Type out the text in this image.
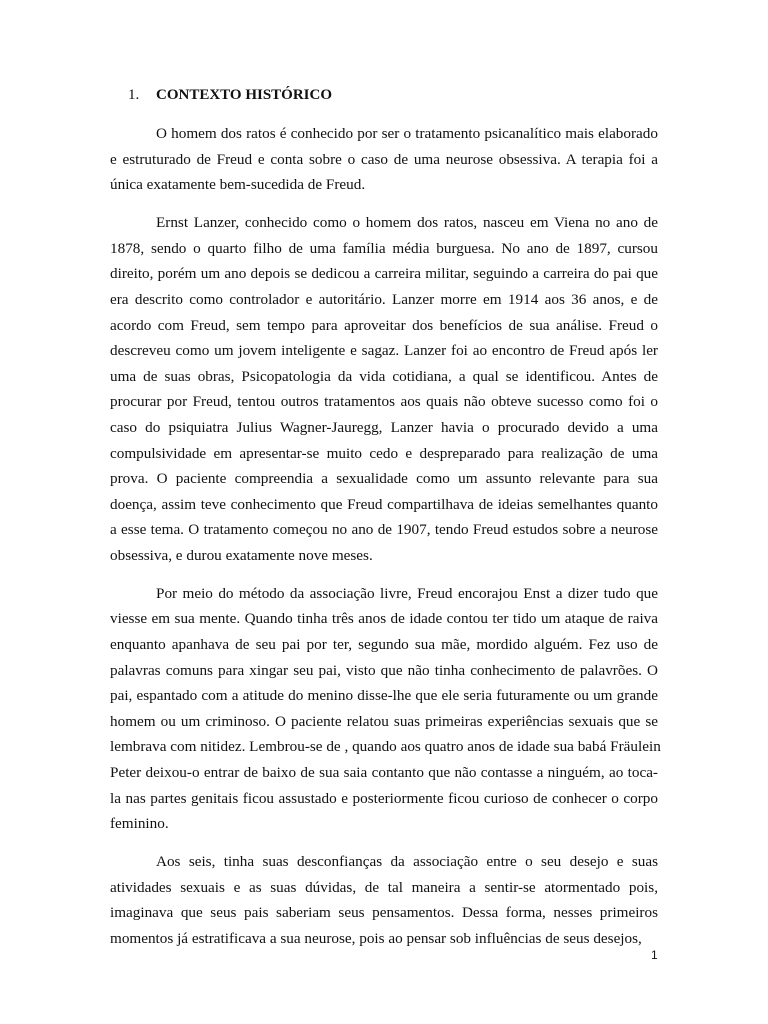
1. CONTEXTO HISTÓRICO
O homem dos ratos é conhecido por ser o tratamento psicanalítico mais elaborado
e estruturado de Freud e conta sobre o caso de uma neurose obsessiva. A terapia foi a
única exatamente bem-sucedida de Freud.
Ernst Lanzer, conhecido como o homem dos ratos, nasceu em Viena no ano de
1878, sendo o quarto filho de uma família média burguesa. No ano de 1897, cursou
direito, porém um ano depois se dedicou a carreira militar, seguindo a carreira do pai que
era descrito como controlador e autoritário. Lanzer morre em 1914 aos 36 anos, e de
acordo com Freud, sem tempo para aproveitar dos benefícios de sua análise. Freud o
descreveu como um jovem inteligente e sagaz. Lanzer foi ao encontro de Freud após ler
uma de suas obras, Psicopatologia da vida cotidiana, a qual se identificou. Antes de
procurar por Freud, tentou outros tratamentos aos quais não obteve sucesso como foi o
caso do psiquiatra Julius Wagner-Jauregg, Lanzer havia o procurado devido a uma
compulsividade em apresentar-se muito cedo e despreparado para realização de uma
prova. O paciente compreendia a sexualidade como um assunto relevante para sua
doença, assim teve conhecimento que Freud compartilhava de ideias semelhantes quanto
a esse tema. O tratamento começou no ano de 1907, tendo Freud estudos sobre a neurose
obsessiva, e durou exatamente nove meses.
Por meio do método da associação livre, Freud encorajou Enst a dizer tudo que
viesse em sua mente. Quando tinha três anos de idade contou ter tido um ataque de raiva
enquanto apanhava de seu pai por ter, segundo sua mãe, mordido alguém. Fez uso de
palavras comuns para xingar seu pai, visto que não tinha conhecimento de palavrões. O
pai, espantado com a atitude do menino disse-lhe que ele seria futuramente ou um grande
homem ou um criminoso. O paciente relatou suas primeiras experiências sexuais que se
lembrava com nitidez. Lembrou-se de , quando aos quatro anos de idade sua babá Fräulein
Peter deixou-o entrar de baixo de sua saia contanto que não contasse a ninguém, ao toca-
la nas partes genitais ficou assustado e posteriormente ficou curioso de conhecer o corpo
feminino.
Aos seis, tinha suas desconfianças da associação entre o seu desejo e suas
atividades sexuais e as suas dúvidas, de tal maneira a sentir-se atormentado pois,
imaginava que seus pais saberiam seus pensamentos. Dessa forma, nesses primeiros
momentos já estratificava a sua neurose, pois ao pensar sob influências de seus desejos,
1
